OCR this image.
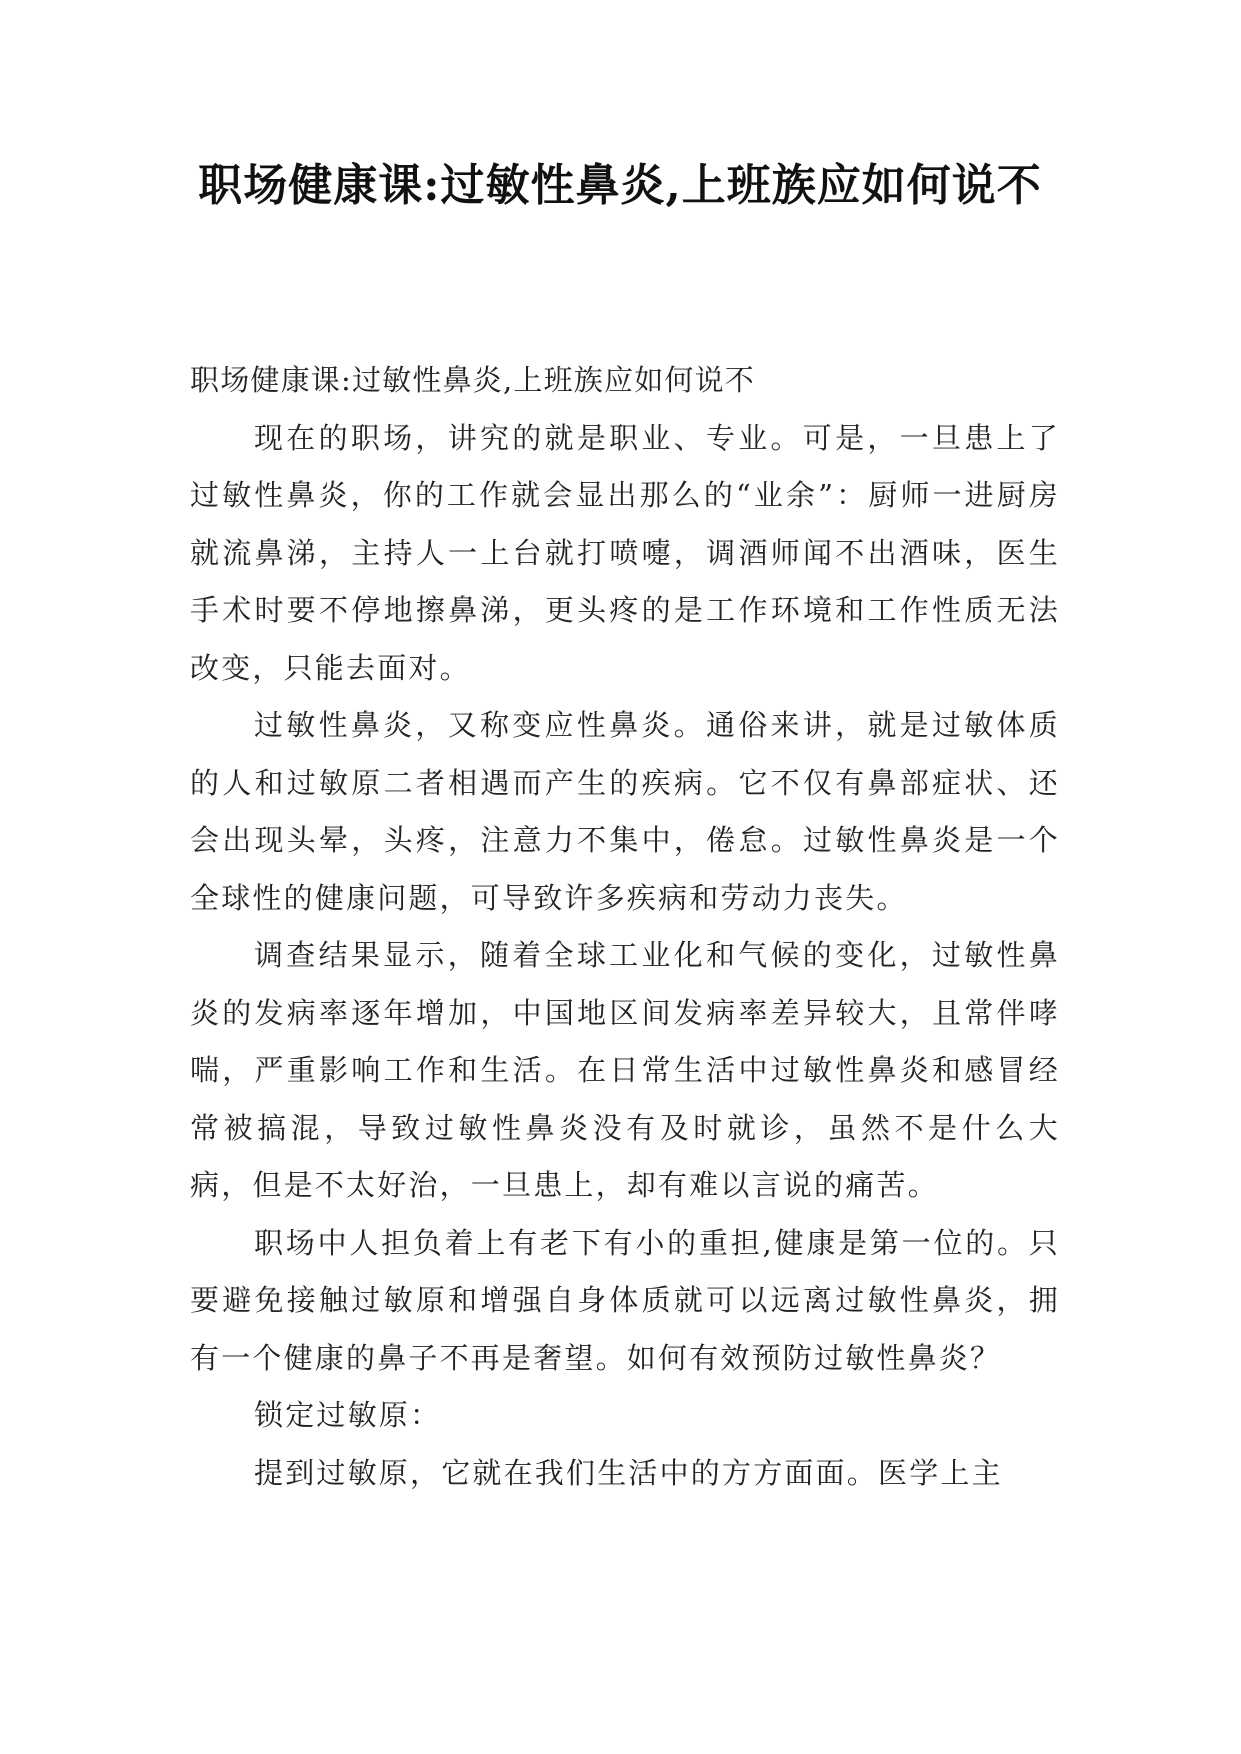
职场健康课:过敏性鼻炎,上班族应如何说不

职场健康课:过敏性鼻炎,上班族应如何说不

现在的职场，讲究的就是职业、专业。可是，一旦患上了过敏性鼻炎，你的工作就会显出那么的“业余”：厨师一进厨房就流鼻涕，主持人一上台就打喷嚏，调酒师闻不出酒味，医生手术时要不停地擦鼻涕，更头疼的是工作环境和工作性质无法改变，只能去面对。

过敏性鼻炎，又称变应性鼻炎。通俗来讲，就是过敏体质的人和过敏原二者相遇而产生的疾病。它不仅有鼻部症状、还会出现头晕，头疼，注意力不集中，倦怠。过敏性鼻炎是一个全球性的健康问题，可导致许多疾病和劳动力丧失。

调查结果显示，随着全球工业化和气候的变化，过敏性鼻炎的发病率逐年增加，中国地区间发病率差异较大，且常伴哮喘，严重影响工作和生活。在日常生活中过敏性鼻炎和感冒经常被搞混，导致过敏性鼻炎没有及时就诊，虽然不是什么大病，但是不太好治，一旦患上，却有难以言说的痛苦。

职场中人担负着上有老下有小的重担,健康是第一位的。只要避免接触过敏原和增强自身体质就可以远离过敏性鼻炎，拥有一个健康的鼻子不再是奢望。如何有效预防过敏性鼻炎？

锁定过敏原：

提到过敏原，它就在我们生活中的方方面面。医学上主
